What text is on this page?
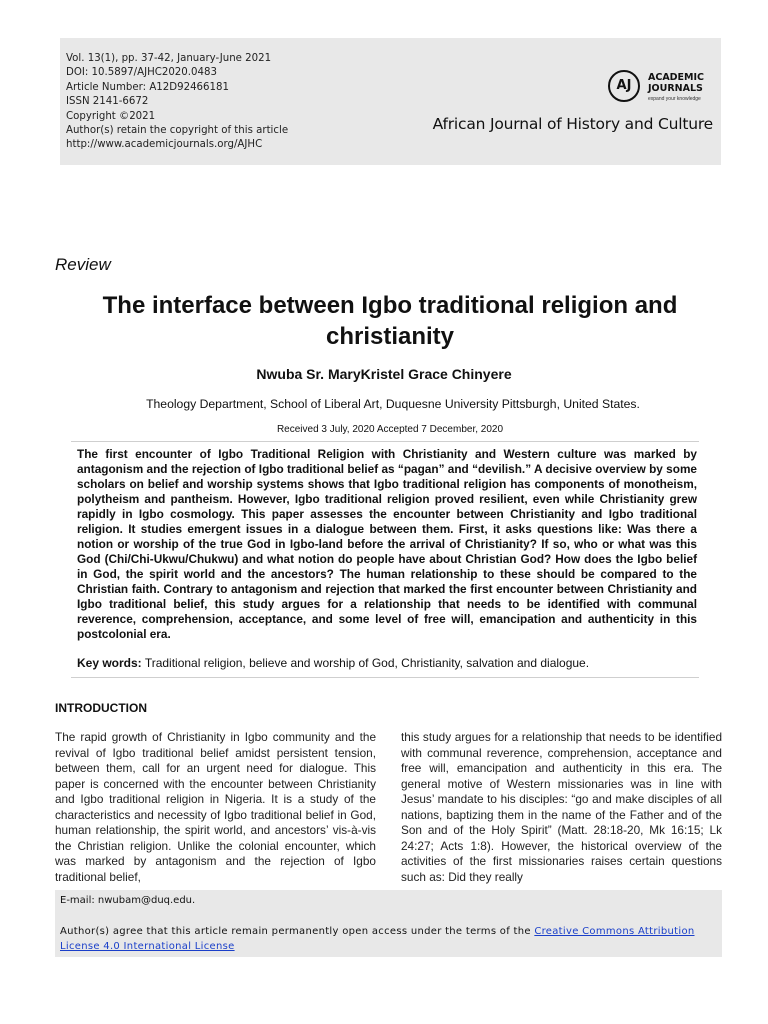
Vol. 13(1), pp. 37-42, January-June 2021
DOI: 10.5897/AJHC2020.0483
Article Number: A12D92466181
ISSN 2141-6672
Copyright ©2021
Author(s) retain the copyright of this article
http://www.academicjournals.org/AJHC
AJ
ACADEMIC
JOURNALS
expand your knowledge
African Journal of History and Culture
Review
The interface between Igbo traditional religion and christianity
Nwuba Sr. MaryKristel Grace Chinyere
Theology Department, School of Liberal Art, Duquesne University Pittsburgh, United States.
Received 3 July, 2020 Accepted 7 December, 2020

The first encounter of Igbo Traditional Religion with Christianity and Western culture was marked by antagonism and the rejection of Igbo traditional belief as “pagan” and “devilish.” A decisive overview by some scholars on belief and worship systems shows that Igbo traditional religion has components of monotheism, polytheism and pantheism. However, Igbo traditional religion proved resilient, even while Christianity grew rapidly in Igbo cosmology. This paper assesses the encounter between Christianity and Igbo traditional religion. It studies emergent issues in a dialogue between them. First, it asks questions like: Was there a notion or worship of the true God in Igbo-land before the arrival of Christianity? If so, who or what was this God (Chi/Chi-Ukwu/Chukwu) and what notion do people have about Christian God? How does the Igbo belief in God, the spirit world and the ancestors? The human relationship to these should be compared to the Christian faith. Contrary to antagonism and rejection that marked the first encounter between Christianity and Igbo traditional belief, this study argues for a relationship that needs to be identified with communal reverence, comprehension, acceptance, and some level of free will, emancipation and authenticity in this postcolonial era.

Key words: Traditional religion, believe and worship of God, Christianity, salvation and dialogue.
INTRODUCTION

The rapid growth of Christianity in Igbo community and the revival of Igbo traditional belief amidst persistent tension, between them, call for an urgent need for dialogue. This paper is concerned with the encounter between Christianity and Igbo traditional religion in Nigeria. It is a study of the characteristics and necessity of Igbo traditional belief in God, human relationship, the spirit world, and ancestors’ vis-à-vis the Christian religion. Unlike the colonial encounter, which was marked by antagonism and the rejection of Igbo traditional belief,

this study argues for a relationship that needs to be identified with communal reverence, comprehension, acceptance and free will, emancipation and authenticity in this era. The general motive of Western missionaries was in line with Jesus’ mandate to his disciples: “go and make disciples of all nations, baptizing them in the name of the Father and of the Son and of the Holy Spirit” (Matt. 28:18-20, Mk 16:15; Lk 24:27; Acts 1:8). However, the historical overview of the activities of the first missionaries raises certain questions such as: Did they really

E-mail: nwubam@duq.edu.

Author(s) agree that this article remain permanently open access under the terms of the Creative Commons Attribution License 4.0 International License
